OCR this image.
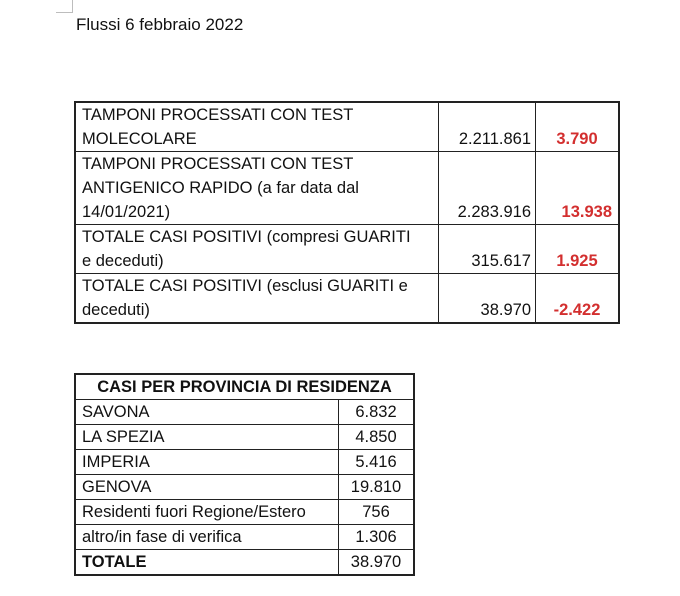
Flussi 6 febbraio 2022
TAMPONI PROCESSATI CON TEST
MOLECOLARE	2.211.861	3.790

TAMPONI PROCESSATI CON TEST
ANTIGENICO RAPIDO (a far data dal
14/01/2021)	2.283.916	13.938

TOTALE CASI POSITIVI (compresi GUARITI
e deceduti)	315.617	1.925

TOTALE CASI POSITIVI (esclusi GUARITI e
deceduti)	38.970	-2.422
CASI PER PROVINCIA DI RESIDENZA	
SAVONA	6.832
LA SPEZIA	4.850
IMPERIA	5.416
GENOVA	19.810
Residenti fuori Regione/Estero	756
altro/in fase di verifica	1.306
TOTALE	38.970
